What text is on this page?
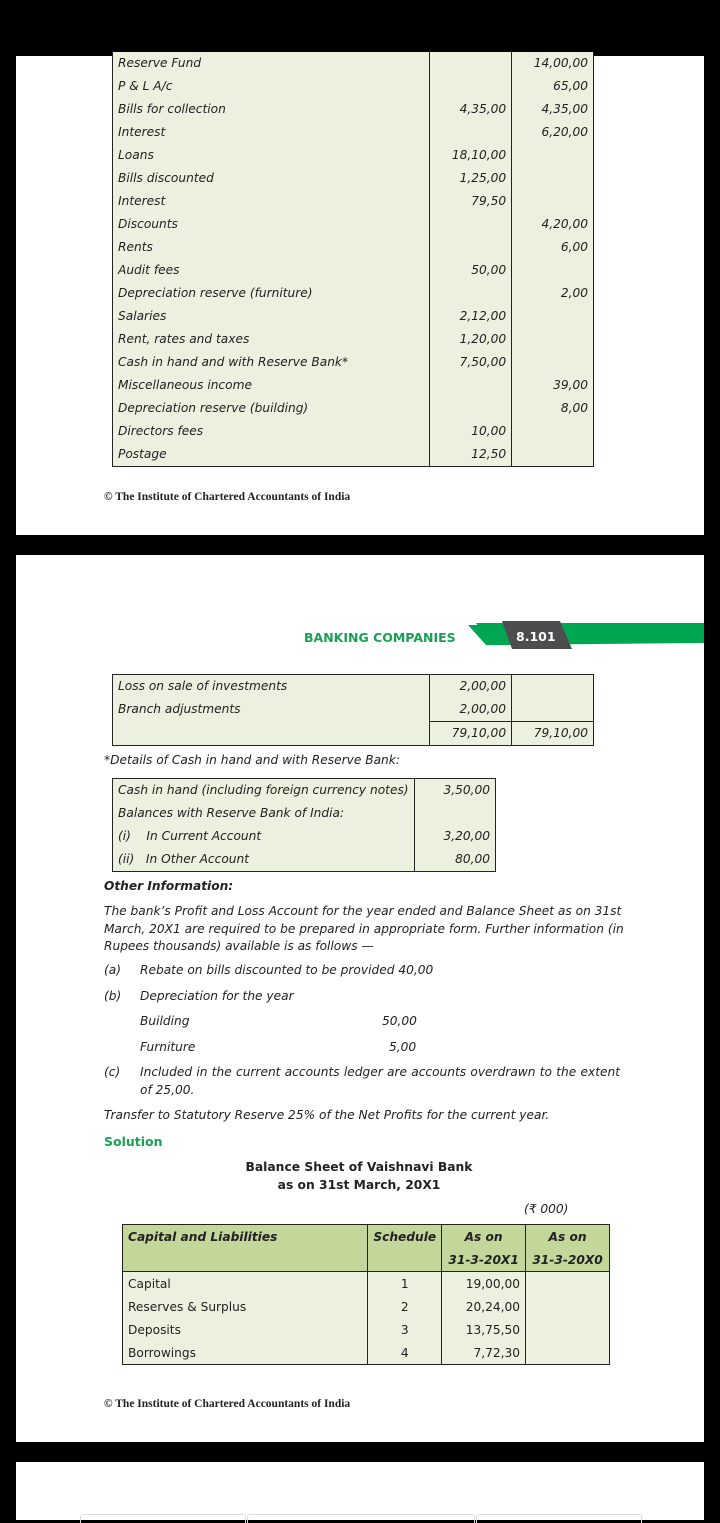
Reserve Fund		14,00,00
P & L A/c		65,00
Bills for collection	4,35,00	4,35,00
Interest		6,20,00
Loans	18,10,00	
Bills discounted	1,25,00	
Interest	79,50	
Discounts		4,20,00
Rents		6,00
Audit fees	50,00	
Depreciation reserve (furniture)		2,00
Salaries	2,12,00	
Rent, rates and taxes	1,20,00	
Cash in hand and with Reserve Bank*	7,50,00	
Miscellaneous income		39,00
Depreciation reserve (building)		8,00
Directors fees	10,00	
Postage	12,50	
© The Institute of Chartered Accountants of India
BANKING COMPANIES	8.101
Loss on sale of investments	2,00,00	
Branch adjustments	2,00,00	
	79,10,00	79,10,00
*Details of Cash in hand and with Reserve Bank:
Cash in hand (including foreign currency notes)	3,50,00
Balances with Reserve Bank of India:	
(i)    In Current Account	3,20,00
(ii)   In Other Account	80,00
Other Information:
The bank’s Profit and Loss Account for the year ended and Balance Sheet as on 31st March, 20X1 are required to be prepared in appropriate form. Further information (in Rupees thousands) available is as follows —
(a) Rebate on bills discounted to be provided 40,00
(b) Depreciation for the year
Building	50,00
Furniture	5,00
(c) Included in the current accounts ledger are accounts overdrawn to the extent of 25,00.
Transfer to Statutory Reserve 25% of the Net Profits for the current year.
Solution
Balance Sheet of Vaishnavi Bank
as on 31st March, 20X1
(₹ 000)
Capital and Liabilities	Schedule	As on	As on
		31-3-20X1	31-3-20X0
Capital	1	19,00,00	
Reserves & Surplus	2	20,24,00	
Deposits	3	13,75,50	
Borrowings	4	7,72,30	
© The Institute of Chartered Accountants of India
